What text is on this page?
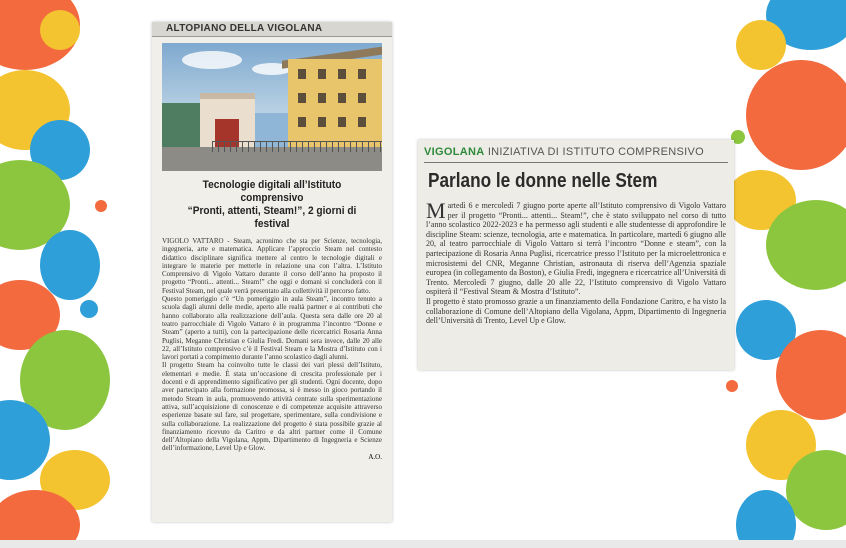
ALTOPIANO DELLA VIGOLANA
Tecnologie digitali all’Istituto comprensivo
“Pronti, attenti, Steam!”, 2 giorni di festival

VIGOLO VATTARO - Steam, acronimo che sta per Scienze, tecnologia, ingegneria, arte e matematica. Applicare l’approccio Steam nel contesto didattico disciplinare significa mettere al centro le tecnologie digitali e integrare le materie per metterle in relazione una con l’altra. L’Istituto Comprensivo di Vigolo Vattaro durante il corso dell’anno ha proposto il progetto “Pronti... attenti... Steam!” che oggi e domani si concluderà con il Festival Steam, nel quale verrà presentato alla collettività il percorso fatto.

Questo pomeriggio c’è “Un pomeriggio in aula Steam”, incontro tenuto a scuola dagli alunni delle medie, aperto alle realtà partner e ai contributi che hanno collaborato alla realizzazione dell’aula. Questa sera dalle ore 20 al teatro parrocchiale di Vigolo Vattaro è in programma l’incontro “Donne e Steam” (aperto a tutti), con la partecipazione delle ricercatrici Rosaria Anna Puglisi, Meganne Christian e Giulia Fredi. Domani sera invece, dalle 20 alle 22, all’Istituto comprensivo c’è il Festival Steam e la Mostra d’Istituto con i lavori portati a compimento durante l’anno scolastico dagli alunni.

Il progetto Steam ha coinvolto tutte le classi dei vari plessi dell’Istituto, elementari e medie. È stata un’occasione di crescita professionale per i docenti e di apprendimento significativo per gli studenti. Ogni docente, dopo aver partecipato alla formazione promossa, si è messo in gioco portando il metodo Steam in aula, promuovendo attività centrate sulla sperimentazione attiva, sull’acquisizione di conoscenze e di competenze acquisite attraverso esperienze basate sul fare, sul progettare, sperimentare, sulla condivisione e sulla collaborazione. La realizzazione del progetto è stata possibile grazie al finanziamento ricevuto da Caritro e da altri partner come il Comune dell’Altopiano della Vigolana, Appm, Dipartimento di Ingegneria e Scienze dell’informazione, Level Up e Glow.

A.O.
VIGOLANA INIZIATIVA DI ISTITUTO COMPRENSIVO
Parlano le donne nelle Stem

Martedì 6 e mercoledì 7 giugno porte aperte all’Istituto comprensivo di Vigolo Vattaro per il progetto “Pronti... attenti... Steam!”, che è stato sviluppato nel corso di tutto l’anno scolastico 2022-2023 e ha permesso agli studenti e alle studentesse di approfondire le discipline Steam: scienze, tecnologia, arte e matematica. In particolare, martedì 6 giugno alle 20, al teatro parrocchiale di Vigolo Vattaro si terrà l’incontro “Donne e steam”, con la partecipazione di Rosaria Anna Puglisi, ricercatrice presso l’Istituto per la microelettronica e microsistemi del CNR, Meganne Christian, astronauta di riserva dell’Agenzia spaziale europea (in collegamento da Boston), e Giulia Fredi, ingegnera e ricercatrice all’Università di Trento. Mercoledì 7 giugno, dalle 20 alle 22, l’Istituto comprensivo di Vigolo Vattaro ospiterà il “Festival Steam & Mostra d’Istituto”.

Il progetto è stato promosso grazie a un finanziamento della Fondazione Caritro, e ha visto la collaborazione di Comune dell’Altopiano della Vigolana, Appm, Dipartimento di Ingegneria dell’Università di Trento, Level Up e Glow.
